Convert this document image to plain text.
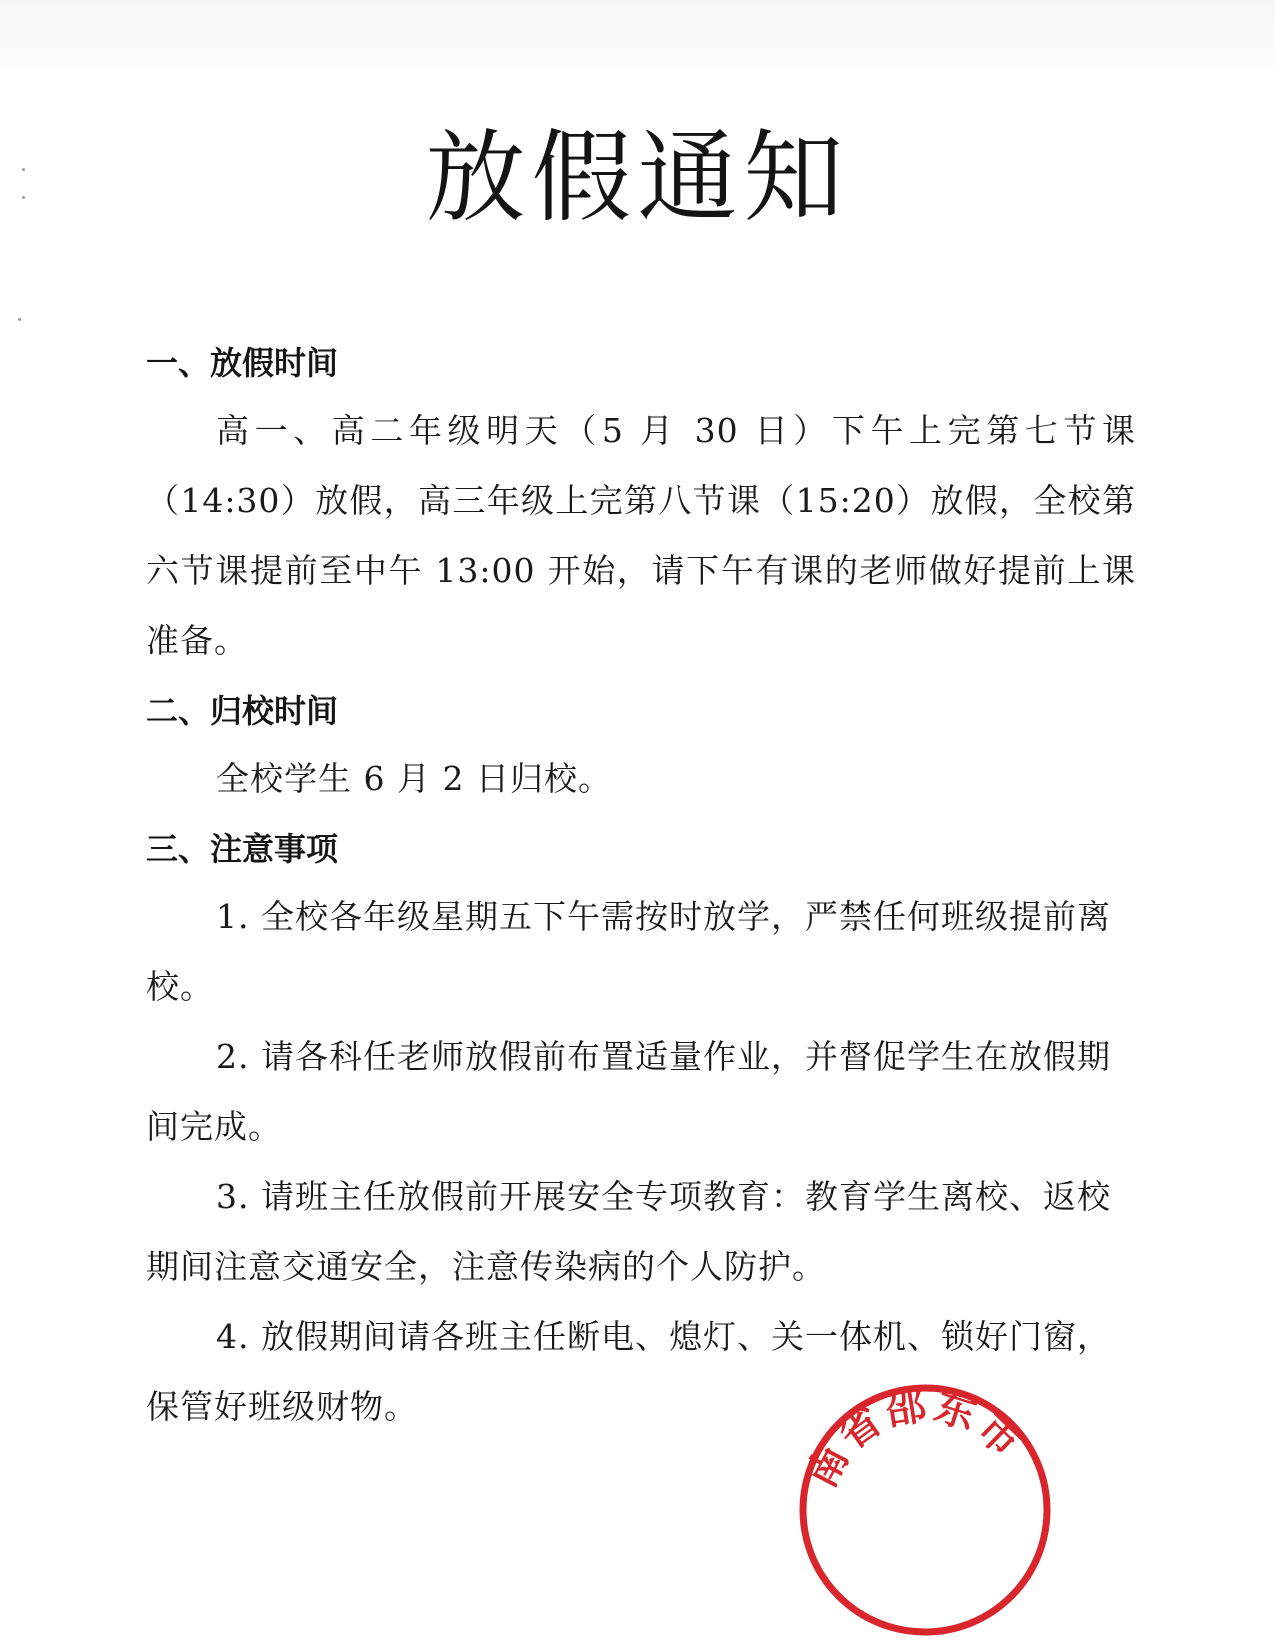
放假通知
一、放假时间
高一、高二年级明天（5 月 30 日）下午上完第七节课（14:30）放假，高三年级上完第八节课（15:20）放假，全校第六节课提前至中午 13:00 开始，请下午有课的老师做好提前上课准备。
二、归校时间
全校学生 6 月 2 日归校。
三、注意事项
1. 全校各年级星期五下午需按时放学，严禁任何班级提前离校。
2. 请各科任老师放假前布置适量作业，并督促学生在放假期间完成。
3. 请班主任放假前开展安全专项教育：教育学生离校、返校期间注意交通安全，注意传染病的个人防护。
4. 放假期间请各班主任断电、熄灯、关一体机、锁好门窗，保管好班级财物。
南省邵东市
